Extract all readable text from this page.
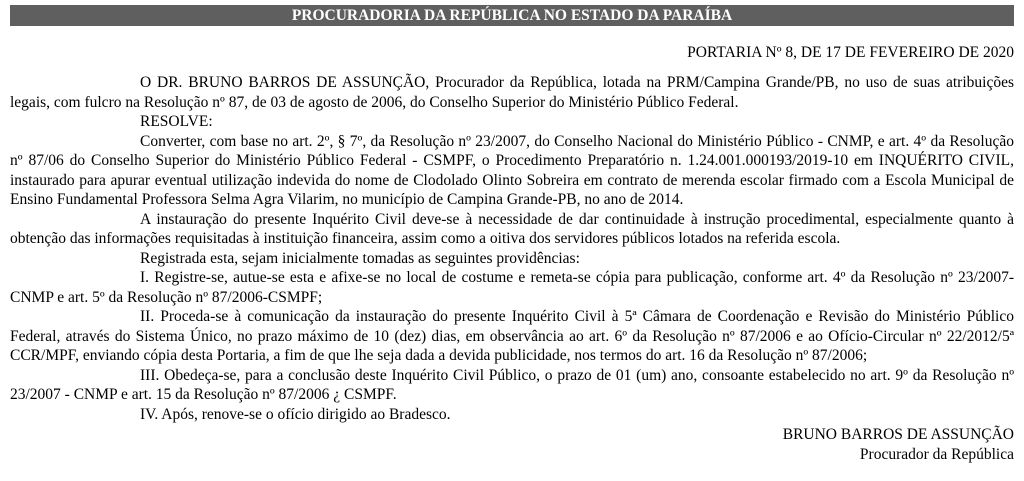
PROCURADORIA DA REPÚBLICA NO ESTADO DA PARAÍBA
PORTARIA Nº 8, DE 17 DE FEVEREIRO DE 2020

O DR. BRUNO BARROS DE ASSUNÇÃO, Procurador da República, lotada na PRM/Campina Grande/PB, no uso de suas atribuições legais, com fulcro na Resolução nº 87, de 03 de agosto de 2006, do Conselho Superior do Ministério Público Federal.

RESOLVE:

Converter, com base no art. 2º, § 7º, da Resolução nº 23/2007, do Conselho Nacional do Ministério Público - CNMP, e art. 4º da Resolução nº 87/06 do Conselho Superior do Ministério Público Federal - CSMPF, o Procedimento Preparatório n. 1.24.001.000193/2019-10 em INQUÉRITO CIVIL, instaurado para apurar eventual utilização indevida do nome de Clodolado Olinto Sobreira em contrato de merenda escolar firmado com a Escola Municipal de Ensino Fundamental Professora Selma Agra Vilarim, no município de Campina Grande-PB, no ano de 2014.

A instauração do presente Inquérito Civil deve-se à necessidade de dar continuidade à instrução procedimental, especialmente quanto à obtenção das informações requisitadas à instituição financeira, assim como a oitiva dos servidores públicos lotados na referida escola.

Registrada esta, sejam inicialmente tomadas as seguintes providências:

I. Registre-se, autue-se esta e afixe-se no local de costume e remeta-se cópia para publicação, conforme art. 4º da Resolução nº 23/2007-CNMP e art. 5º da Resolução nº 87/2006-CSMPF;

II. Proceda-se à comunicação da instauração do presente Inquérito Civil à 5ª Câmara de Coordenação e Revisão do Ministério Público Federal, através do Sistema Único, no prazo máximo de 10 (dez) dias, em observância ao art. 6º da Resolução nº 87/2006 e ao Ofício-Circular nº 22/2012/5ª CCR/MPF, enviando cópia desta Portaria, a fim de que lhe seja dada a devida publicidade, nos termos do art. 16 da Resolução nº 87/2006;

III. Obedeça-se, para a conclusão deste Inquérito Civil Público, o prazo de 01 (um) ano, consoante estabelecido no art. 9º da Resolução nº 23/2007 - CNMP e art. 15 da Resolução nº 87/2006 ¿ CSMPF.

IV. Após, renove-se o ofício dirigido ao Bradesco.

BRUNO BARROS DE ASSUNÇÃO
Procurador da República
